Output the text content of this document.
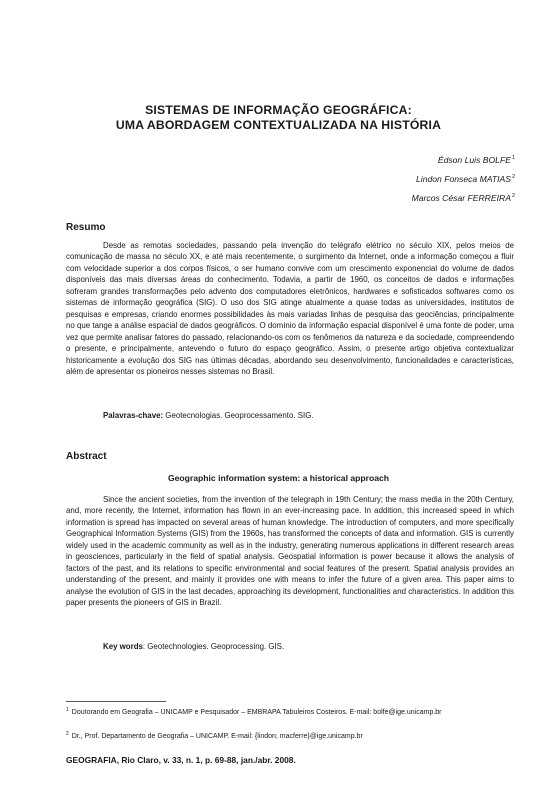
SISTEMAS DE INFORMAÇÃO GEOGRÁFICA:
UMA ABORDAGEM CONTEXTUALIZADA NA HISTÓRIA
Édson Luis BOLFE$^1$
Lindon Fonseca MATIAS$^2$
Marcos César FERREIRA$^2$
Resumo

Desde as remotas sociedades, passando pela invenção do telégrafo elétrico no século XIX, pelos meios de comunicação de massa no século XX, e até mais recentemente, o surgimento da Internet, onde a informação começou a fluir com velocidade superior a dos corpos físicos, o ser humano convive com um crescimento exponencial do volume de dados disponíveis das mais diversas áreas do conhecimento. Todavia, a partir de 1960, os conceitos de dados e informações sofreram grandes transformações pelo advento dos computadores eletrônicos, hardwares e sofisticados softwares como os sistemas de informação geográfica (SIG). O uso dos SIG atinge atualmente a quase todas as universidades, institutos de pesquisas e empresas, criando enormes possibilidades às mais variadas linhas de pesquisa das geociências, principalmente no que tange a análise espacial de dados geográficos. O domínio da informação espacial disponível é uma fonte de poder, uma vez que permite analisar fatores do passado, relacionando-os com os fenômenos da natureza e da sociedade, compreendendo o presente, e principalmente, antevendo o futuro do espaço geográfico. Assim, o presente artigo objetiva contextualizar historicamente a evolução dos SIG nas últimas décadas, abordando seu desenvolvimento, funcionalidades e características, além de apresentar os pioneiros nesses sistemas no Brasil.

Palavras-chave: Geotecnologias. Geoprocessamento. SIG.

Abstract
Geographic information system: a historical approach

Since the ancient societies, from the invention of the telegraph in 19th Century; the mass media in the 20th Century, and, more recently, the Internet, information has flown in an ever-increasing pace. In addition, this increased speed in which information is spread has impacted on several areas of human knowledge. The introduction of computers, and more specifically Geographical Information Systems (GIS) from the 1960s, has transformed the concepts of data and information. GIS is currently widely used in the academic community as well as in the industry, generating numerous applications in different research areas in geosciences, particularly in the field of spatial analysis. Geospatial information is power because it allows the analysis of factors of the past, and its relations to specific environmental and social features of the present. Spatial analysis provides an understanding of the present, and mainly it provides one with means to infer the future of a given area. This paper aims to analyse the evolution of GIS in the last decades, approaching its development, functionalities and characteristics. In addition this paper presents the pioneers of GIS in Brazil.

Key words: Geotechnologies. Geoprocessing. GIS.

$^1$ Doutorando em Geografia – UNICAMP e Pesquisador – EMBRAPA Tabuleiros Costeiros. E-mail: bolfe@ige.unicamp.br

$^2$ Dr., Prof. Departamento de Geografia – UNICAMP. E-mail: {lindon; macferre}@ige.unicamp.br

GEOGRAFIA, Rio Claro, v. 33, n. 1, p. 69-88, jan./abr. 2008.
